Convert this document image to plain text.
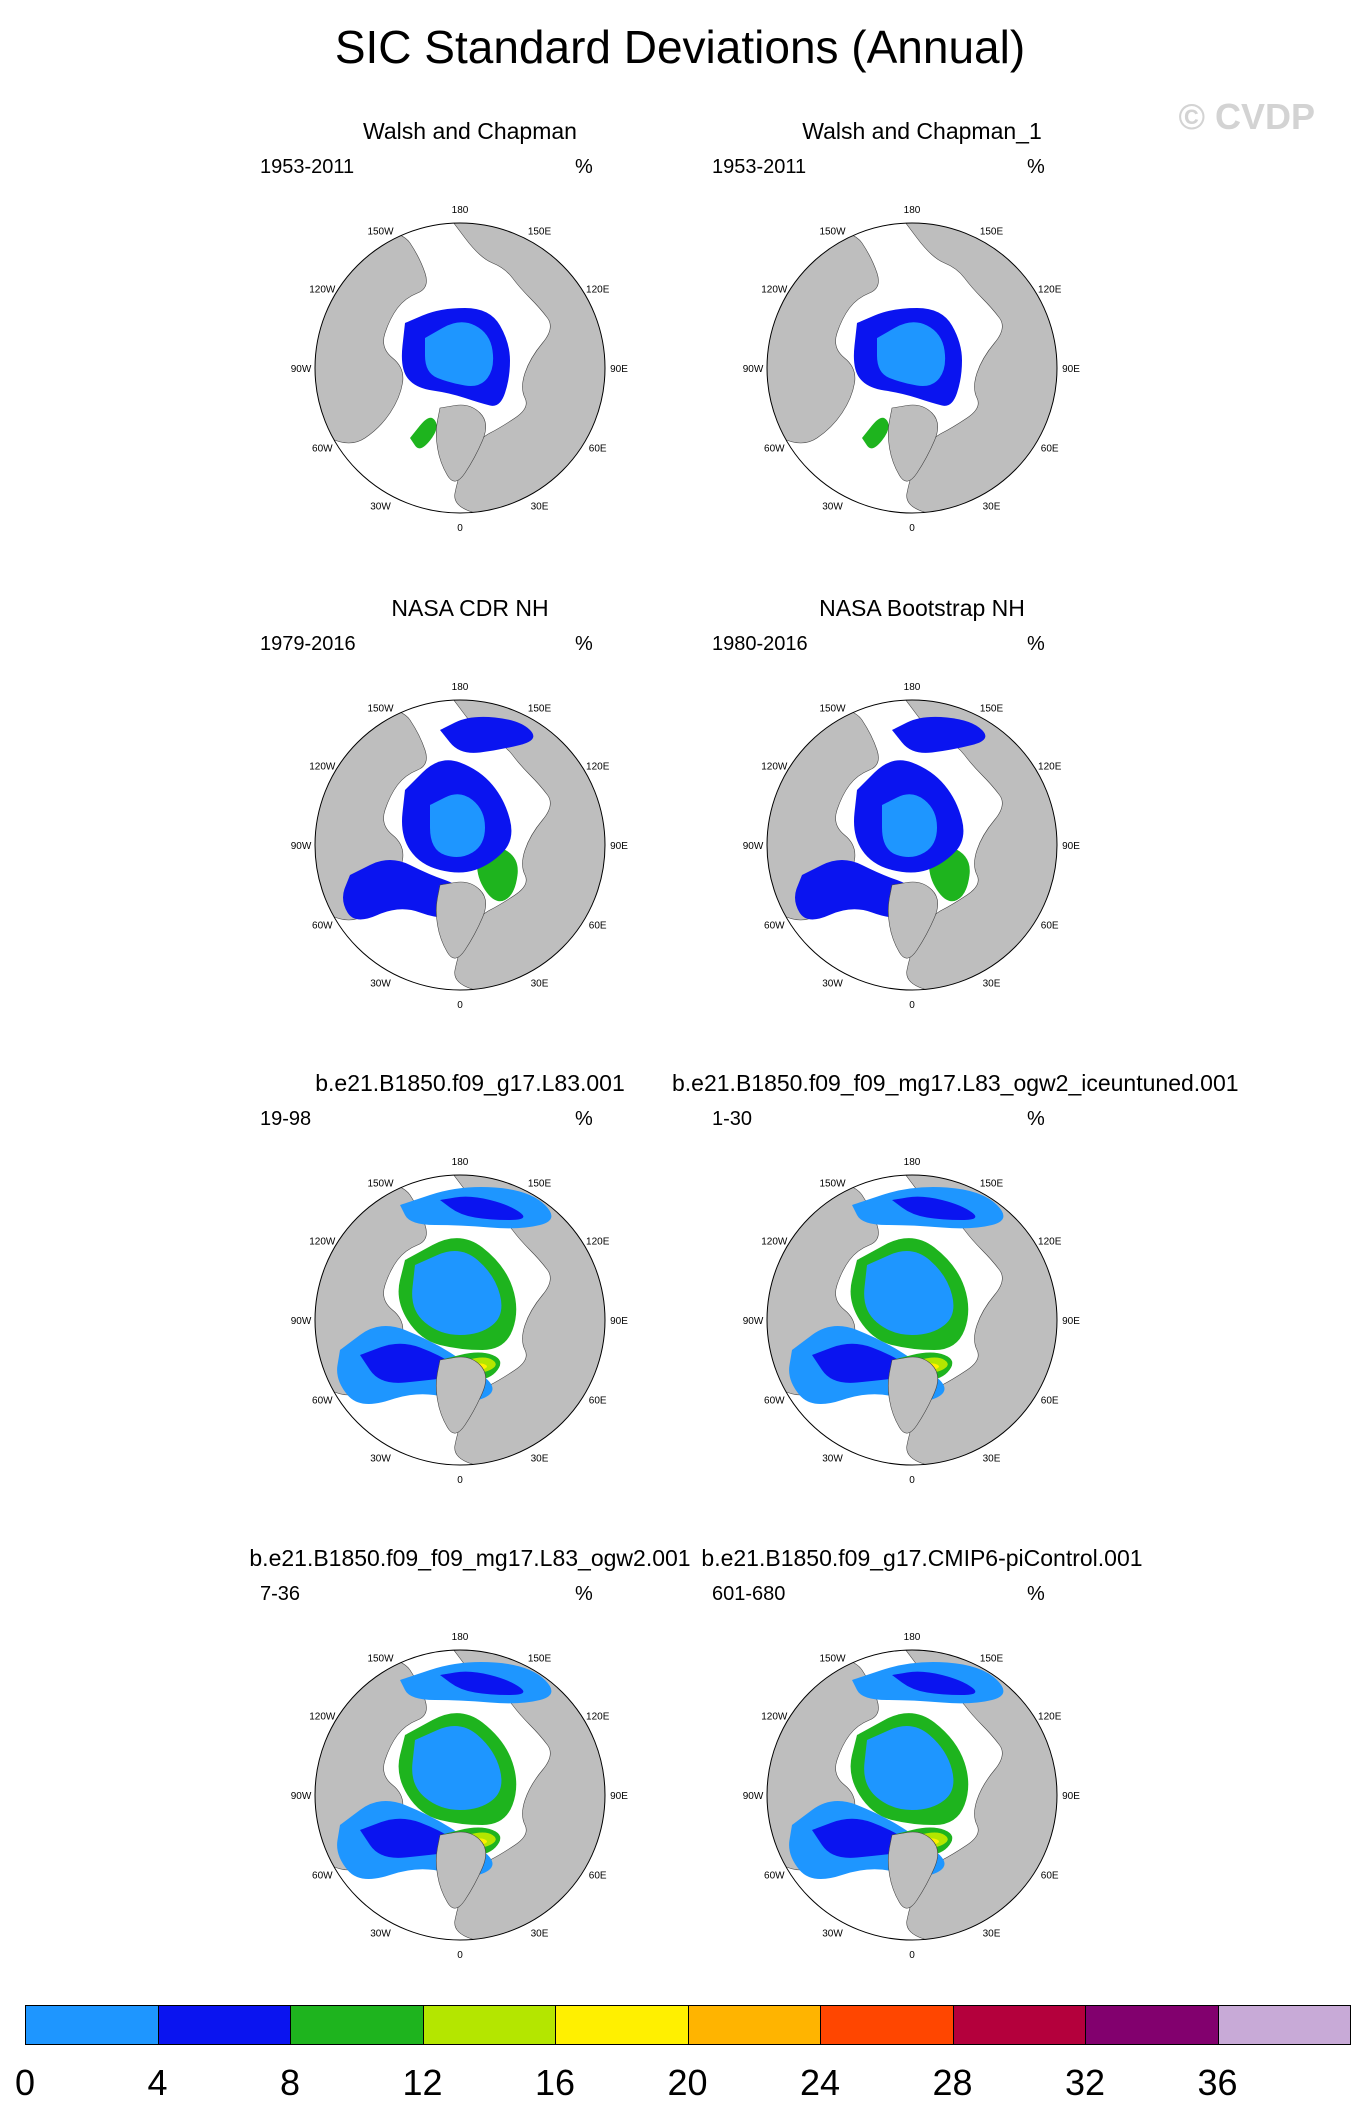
SIC Standard Deviations (Annual)
© CVDP
180
150E
120E
90E
60E
30E
0
30W
60W
90W
120W
150W
Walsh and Chapman
1953-2011	%
180
150E
120E
90E
60E
30E
0
30W
60W
90W
120W
150W
Walsh and Chapman_1
1953-2011	%
180
150E
120E
90E
60E
30E
0
30W
60W
90W
120W
150W
NASA CDR NH
1979-2016	%
180
150E
120E
90E
60E
30E
0
30W
60W
90W
120W
150W
NASA Bootstrap NH
1980-2016	%
180
150E
120E
90E
60E
30E
0
30W
60W
90W
120W
150W
b.e21.B1850.f09_g17.L83.001
19-98	%
180
150E
120E
90E
60E
30E
0
30W
60W
90W
120W
150W
b.e21.B1850.f09_f09_mg17.L83_ogw2_iceuntuned.001
1-30	%
180
150E
120E
90E
60E
30E
0
30W
60W
90W
120W
150W
b.e21.B1850.f09_f09_mg17.L83_ogw2.001
7-36	%
180
150E
120E
90E
60E
30E
0
30W
60W
90W
120W
150W
b.e21.B1850.f09_g17.CMIP6-piControl.001
601-680	%
0	4	8	12	16	20	24	28	32	36
